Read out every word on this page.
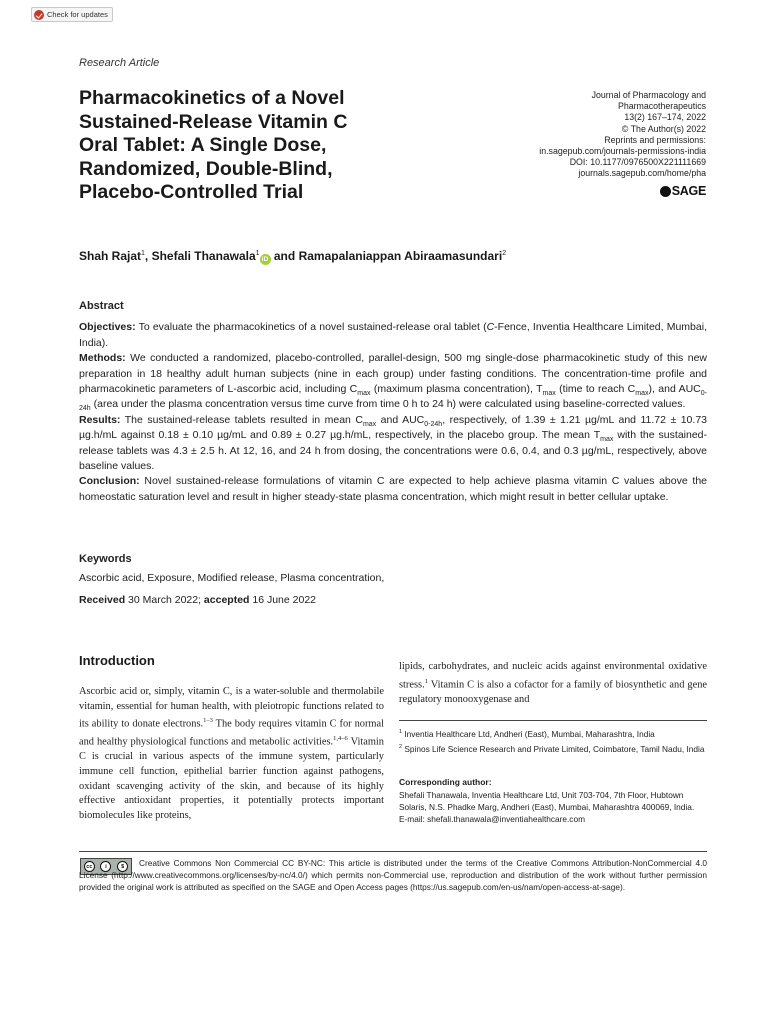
Check for updates
Research Article
Pharmacokinetics of a Novel Sustained-Release Vitamin C Oral Tablet: A Single Dose, Randomized, Double-Blind, Placebo-Controlled Trial
Journal of Pharmacology and
Pharmacotherapeutics
13(2) 167–174, 2022
© The Author(s) 2022
Reprints and permissions:
in.sagepub.com/journals-permissions-india
DOI: 10.1177/0976500X221111669
journals.sagepub.com/home/pha
SAGE
Shah Rajat$^1$, Shefali Thanawala$^1$iD and Ramapalaniappan Abiraamasundari$^2$
Abstract

Objectives: To evaluate the pharmacokinetics of a novel sustained-release oral tablet (C-Fence, Inventia Healthcare Limited, Mumbai, India).

Methods: We conducted a randomized, placebo-controlled, parallel-design, 500 mg single-dose pharmacokinetic study of this new preparation in 18 healthy adult human subjects (nine in each group) under fasting conditions. The concentration-time profile and pharmacokinetic parameters of L-ascorbic acid, including $C_{max}$ (maximum plasma concentration), $T_{max}$ (time to reach $C_{max}$), and $AUC_{0-24h}$ (area under the plasma concentration versus time curve from time 0 h to 24 h) were calculated using baseline-corrected values.

Results: The sustained-release tablets resulted in mean $C_{max}$ and $AUC_{0-24h}$, respectively, of 1.39 ± 1.21 µg/mL and 11.72 ± 10.73 µg.h/mL against 0.18 ± 0.10 µg/mL and 0.89 ± 0.27 µg.h/mL, respectively, in the placebo group. The mean $T_{max}$ with the sustained-release tablets was 4.3 ± 2.5 h. At 12, 16, and 24 h from dosing, the concentrations were 0.6, 0.4, and 0.3 µg/mL, respectively, above baseline values.

Conclusion: Novel sustained-release formulations of vitamin C are expected to help achieve plasma vitamin C values above the homeostatic saturation level and result in higher steady-state plasma concentration, which might result in better cellular uptake.

Keywords
Ascorbic acid, Exposure, Modified release, Plasma concentration,
Received 30 March 2022; accepted 16 June 2022
Introduction

Ascorbic acid or, simply, vitamin C, is a water-soluble and thermolabile vitamin, essential for human health, with pleiotropic functions related to its ability to donate electrons.$^{1-3}$ The body requires vitamin C for normal and healthy physiological functions and metabolic activities.$^{1,4-6}$ Vitamin C is crucial in various aspects of the immune system, particularly immune cell function, epithelial barrier function against pathogens, oxidant scavenging activity of the skin, and because of its highly effective antioxidant properties, it potentially protects important biomolecules like proteins,

lipids, carbohydrates, and nucleic acids against environmental oxidative stress.$^1$ Vitamin C is also a cofactor for a family of biosynthetic and gene regulatory monooxygenase and

$^1$ Inventia Healthcare Ltd, Andheri (East), Mumbai, Maharashtra, India

$^2$ Spinos Life Science Research and Private Limited, Coimbatore, Tamil Nadu, India

Corresponding author:

Shefali Thanawala, Inventia Healthcare Ltd, Unit 703-704, 7th Floor, Hubtown Solaris, N.S. Phadke Marg, Andheri (East), Mumbai, Maharashtra 400069, India.

E-mail: shefali.thanawala@inventiahealthcare.com

cc	i	$	Creative Commons Non Commercial CC BY-NC: This article is distributed under the terms of the Creative Commons Attribution-NonCommercial 4.0 License (http://www.creativecommons.org/licenses/by-nc/4.0/) which permits non-Commercial use, reproduction and distribution of the work without further permission provided the original work is attributed as specified on the SAGE and Open Access pages (https://us.sagepub.com/en-us/nam/open-access-at-sage).
